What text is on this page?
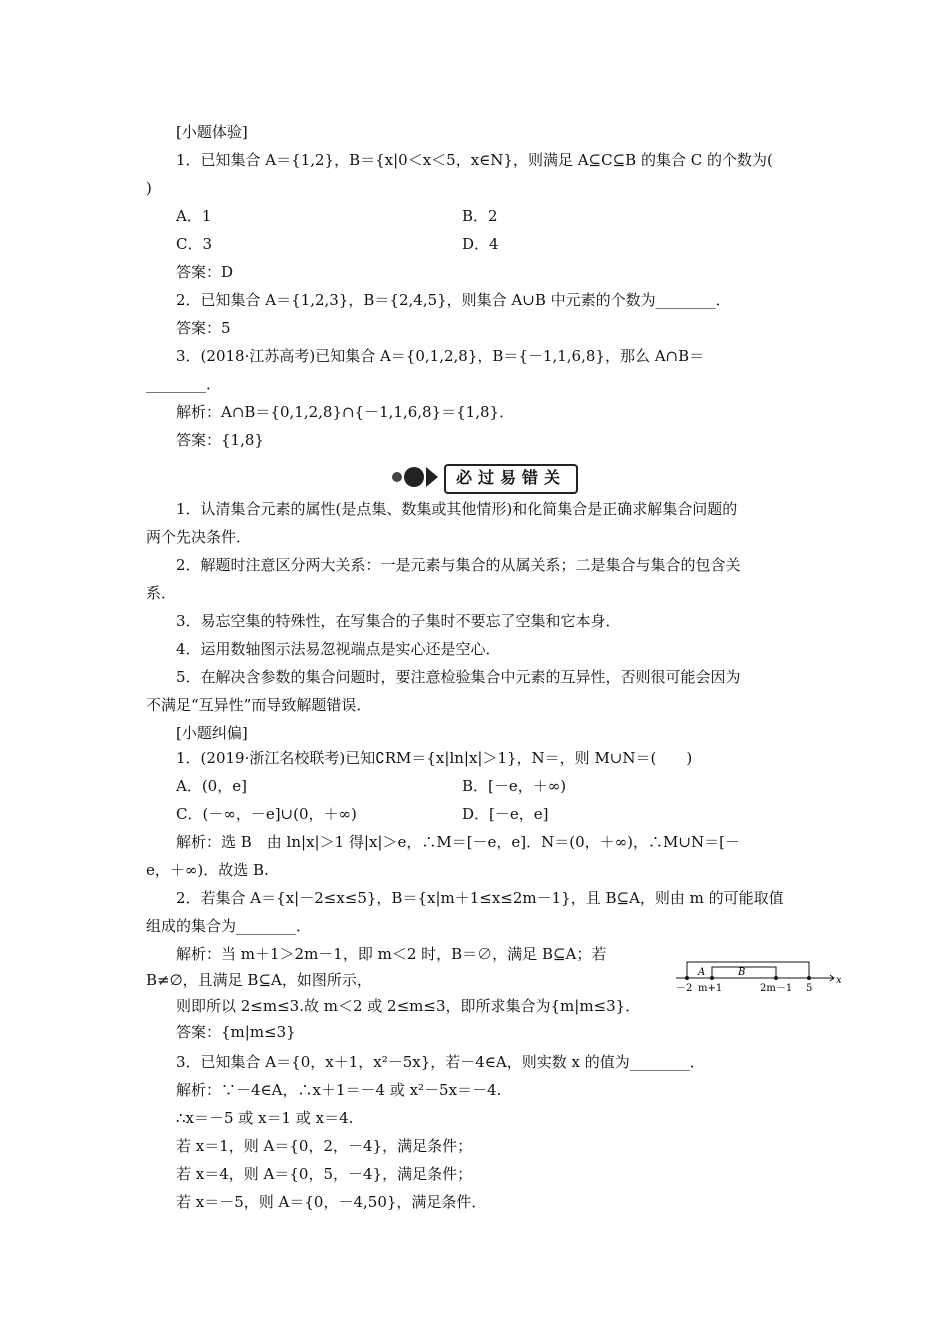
[小题体验]
1．已知集合 A＝{1,2}，B＝{x|0＜x＜5，x∈N}，则满足 A⊆C⊆B 的集合 C 的个数为(
)
A．1	B．2
C．3	D．4
答案：D
2．已知集合 A＝{1,2,3}，B＝{2,4,5}，则集合 A∪B 中元素的个数为________．
答案：5
3．(2018·江苏高考)已知集合 A＝{0,1,2,8}，B＝{－1,1,6,8}，那么 A∩B＝
________．
解析：A∩B＝{0,1,2,8}∩{－1,1,6,8}＝{1,8}．
答案：{1,8}
必过易错关
1．认清集合元素的属性(是点集、数集或其他情形)和化简集合是正确求解集合问题的
两个先决条件．
2．解题时注意区分两大关系：一是元素与集合的从属关系；二是集合与集合的包含关
系．
3．易忘空集的特殊性，在写集合的子集时不要忘了空集和它本身．
4．运用数轴图示法易忽视端点是实心还是空心．
5．在解决含参数的集合问题时，要注意检验集合中元素的互异性，否则很可能会因为
不满足“互异性”而导致解题错误．
[小题纠偏]
1．(2019·浙江名校联考)已知∁RM＝{x|ln|x|＞1}，N＝，则 M∪N＝(　　)
A．(0，e]	B．[－e，＋∞)
C．(－∞，－e]∪(0，＋∞)	D．[－e，e]
解析：选 B　由 ln|x|＞1 得|x|＞e，∴M＝[－e，e]．N＝(0，＋∞)，∴M∪N＝[－
e，＋∞)．故选 B.
2．若集合 A＝{x|－2≤x≤5}，B＝{x|m＋1≤x≤2m－1}，且 B⊆A，则由 m 的可能取值
组成的集合为________．
解析：当 m＋1＞2m－1，即 m＜2 时，B＝∅，满足 B⊆A；若
B≠∅，且满足 B⊆A，如图所示，
则即所以 2≤m≤3.故 m＜2 或 2≤m≤3，即所求集合为{m|m≤3}．
答案：{m|m≤3}
A	B
－2 m+1	2m－1 5
x
3．已知集合 A＝{0，x＋1，x²－5x}，若－4∈A，则实数 x 的值为________．
解析：∵－4∈A，∴x＋1＝－4 或 x²－5x＝－4.
∴x＝－5 或 x＝1 或 x＝4.
若 x＝1，则 A＝{0，2，－4}，满足条件；
若 x＝4，则 A＝{0，5，－4}，满足条件；
若 x＝－5，则 A＝{0，－4,50}，满足条件．
